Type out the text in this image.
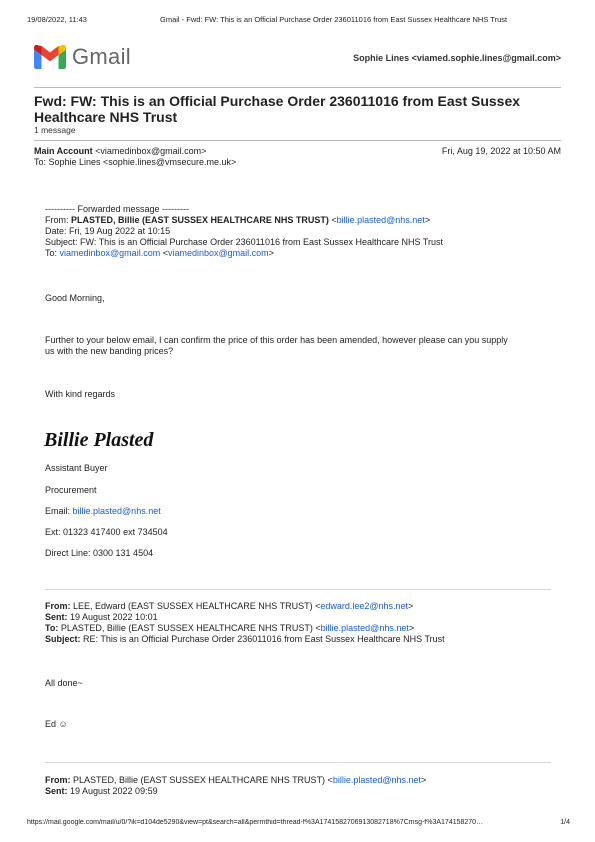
19/08/2022, 11:43	Gmail - Fwd: FW: This is an Official Purchase Order 236011016 from East Sussex Healthcare NHS Trust
Gmail	Sophie Lines <viamed.sophie.lines@gmail.com>
Fwd: FW: This is an Official Purchase Order 236011016 from East Sussex
Healthcare NHS Trust
1 message
Main Account <viamedinbox@gmail.com>	Fri, Aug 19, 2022 at 10:50 AM
To: Sophie Lines <sophie.lines@vmsecure.me.uk>
---------- Forwarded message ---------
From: PLASTED, Billie (EAST SUSSEX HEALTHCARE NHS TRUST) <billie.plasted@nhs.net>
Date: Fri, 19 Aug 2022 at 10:15
Subject: FW: This is an Official Purchase Order 236011016 from East Sussex Healthcare NHS Trust
To: viamedinbox@gmail.com <viamedinbox@gmail.com>
Good Morning,
Further to your below email, I can confirm the price of this order has been amended, however please can you supply
us with the new banding prices?
With kind regards
Billie Plasted
Assistant Buyer
Procurement
Email: billie.plasted@nhs.net
Ext: 01323 417400 ext 734504
Direct Line: 0300 131 4504
From: LEE, Edward (EAST SUSSEX HEALTHCARE NHS TRUST) <edward.lee2@nhs.net>
Sent: 19 August 2022 10:01
To: PLASTED, Billie (EAST SUSSEX HEALTHCARE NHS TRUST) <billie.plasted@nhs.net>
Subject: RE: This is an Official Purchase Order 236011016 from East Sussex Healthcare NHS Trust
All done~
Ed ☺
From: PLASTED, Billie (EAST SUSSEX HEALTHCARE NHS TRUST) <billie.plasted@nhs.net>
Sent: 19 August 2022 09:59
https://mail.google.com/mail/u/0/?ik=d104de5290&view=pt&search=all&permthid=thread-f%3A1741582706913082718%7Cmsg-f%3A174158270…	1/4
